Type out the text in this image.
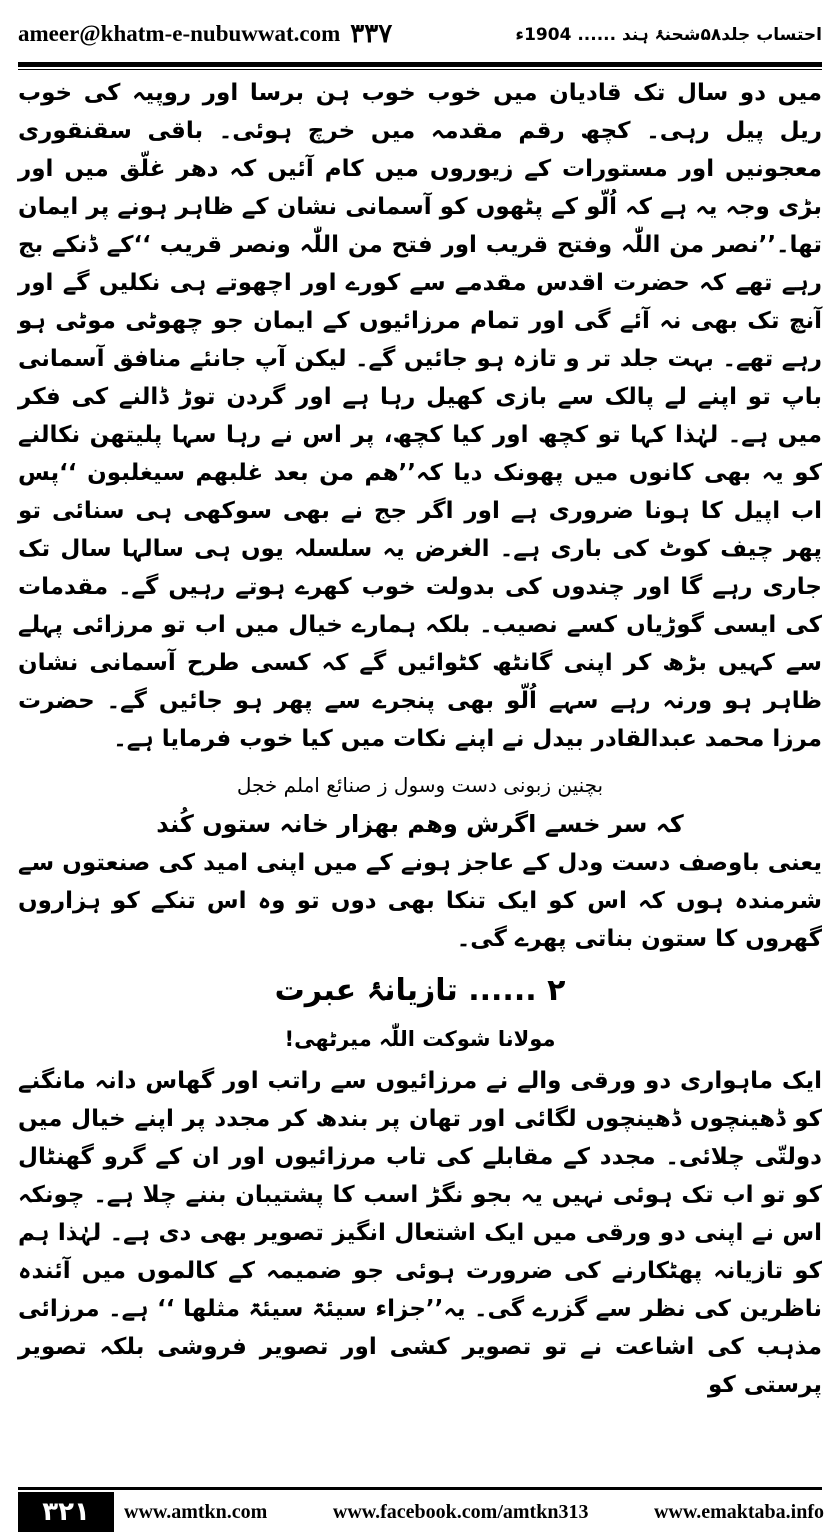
ameer@khatm-e-nubuwwat.com ۳۳۷	احتساب جلد۵۸شحنۂ ہند ...... 1904ء

میں دو سال تک قادیان میں خوب خوب ہن برسا اور روپیہ کی خوب ریل پیل رہی۔ کچھ رقم مقدمہ میں خرچ ہوئی۔ باقی سقنقوری معجونیں اور مستورات کے زیوروں میں کام آئیں کہ دھر غلّق میں اور بڑی وجہ یہ ہے کہ اُلّو کے پٹھوں کو آسمانی نشان کے ظاہر ہونے پر ایمان تھا۔’’نصر من اللّٰہ وفتح قریب اور فتح من اللّٰہ ونصر قریب ‘‘کے ڈنکے بج رہے تھے کہ حضرت اقدس مقدمے سے کورے اور اچھوتے ہی نکلیں گے اور آنچ تک بھی نہ آئے گی اور تمام مرزائیوں کے ایمان جو چھوٹی موٹی ہو رہے تھے۔ بہت جلد تر و تازہ ہو جائیں گے۔ لیکن آپ جانئے منافق آسمانی باپ تو اپنے لے پالک سے بازی کھیل رہا ہے اور گردن توڑ ڈالنے کی فکر میں ہے۔ لہٰذا کہا تو کچھ اور کیا کچھ، پر اس نے رہا سہا پلیتھن نکالنے کو یہ بھی کانوں میں پھونک دیا کہ’’ھم من بعد غلبھم سیغلبون ‘‘پس اب اپیل کا ہونا ضروری ہے اور اگر جج نے بھی سوکھی ہی سنائی تو پھر چیف کوٹ کی باری ہے۔ الغرض یہ سلسلہ یوں ہی سالہا سال تک جاری رہے گا اور چندوں کی بدولت خوب کھرے ہوتے رہیں گے۔ مقدمات کی ایسی گوڑیاں کسے نصیب۔ بلکہ ہمارے خیال میں اب تو مرزائی پہلے سے کہیں بڑھ کر اپنی گانٹھ کٹوائیں گے کہ کسی طرح آسمانی نشان ظاہر ہو ورنہ رہے سہے اُلّو بھی پنجرے سے پھر ہو جائیں گے۔ حضرت مرزا محمد عبدالقادر بیدل نے اپنے نکات میں کیا خوب فرمایا ہے۔

بچنین زبونی دست وسول ز صنائع املم خجل

کہ سر خسے اگرش وھم بھزار خانہ ستوں کُند

یعنی باوصف دست ودل کے عاجز ہونے کے میں اپنی امید کی صنعتوں سے شرمندہ ہوں کہ اس کو ایک تنکا بھی دوں تو وہ اس تنکے کو ہزاروں گھروں کا ستون بناتی پھرے گی۔

۲ ...... تازیانۂ عبرت

مولانا شوکت اللّٰہ میرٹھی!

ایک ماہواری دو ورقی والے نے مرزائیوں سے راتب اور گھاس دانہ مانگنے کو ڈھینچوں ڈھینچوں لگائی اور تھان پر بندھ کر مجدد پر اپنے خیال میں دولتّی چلائی۔ مجدد کے مقابلے کی تاب مرزائیوں اور ان کے گرو گھنٹال کو تو اب تک ہوئی نہیں یہ بجو نگڑ اسب کا پشتیبان بننے چلا ہے۔ چونکہ اس نے اپنی دو ورقی میں ایک اشتعال انگیز تصویر بھی دی ہے۔ لہٰذا ہم کو تازیانہ پھٹکارنے کی ضرورت ہوئی جو ضمیمہ کے کالموں میں آئندہ ناظرین کی نظر سے گزرے گی۔ یہ’’جزاء سیئۃ سیئۃ مثلھا ‘‘ ہے۔ مرزائی مذہب کی اشاعت نے تو تصویر کشی اور تصویر فروشی بلکہ تصویر پرستی کو

۳۲۱	www.amtkn.com	www.facebook.com/amtkn313	www.emaktaba.info
